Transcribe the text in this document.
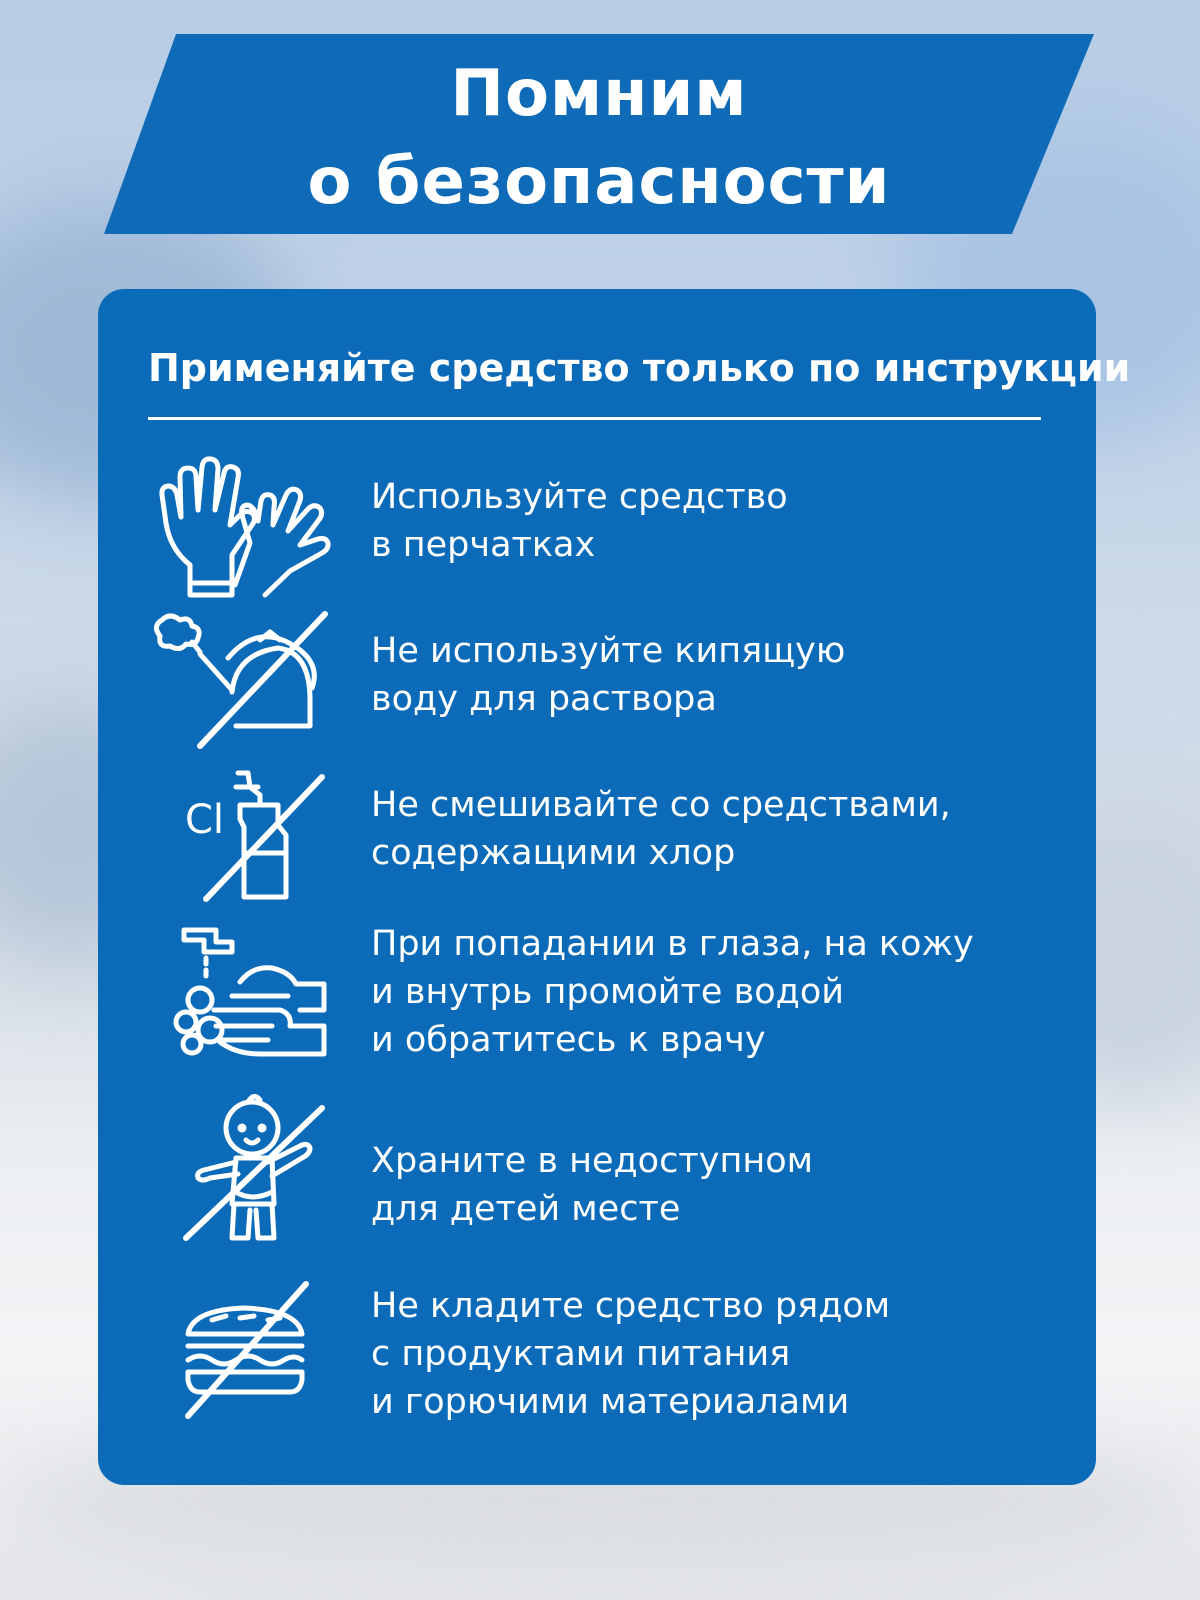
Помним
о безопасности
Применяйте средство только по инструкции
Используйте средство
в перчатках
Не используйте кипящую
воду для раствора
Cl	Не смешивайте со средствами,
содержащими хлор
При попадании в глаза, на кожу
и внутрь промойте водой
и обратитесь к врачу
Храните в недоступном
для детей месте
Не кладите средство рядом
с продуктами питания
и горючими материалами
